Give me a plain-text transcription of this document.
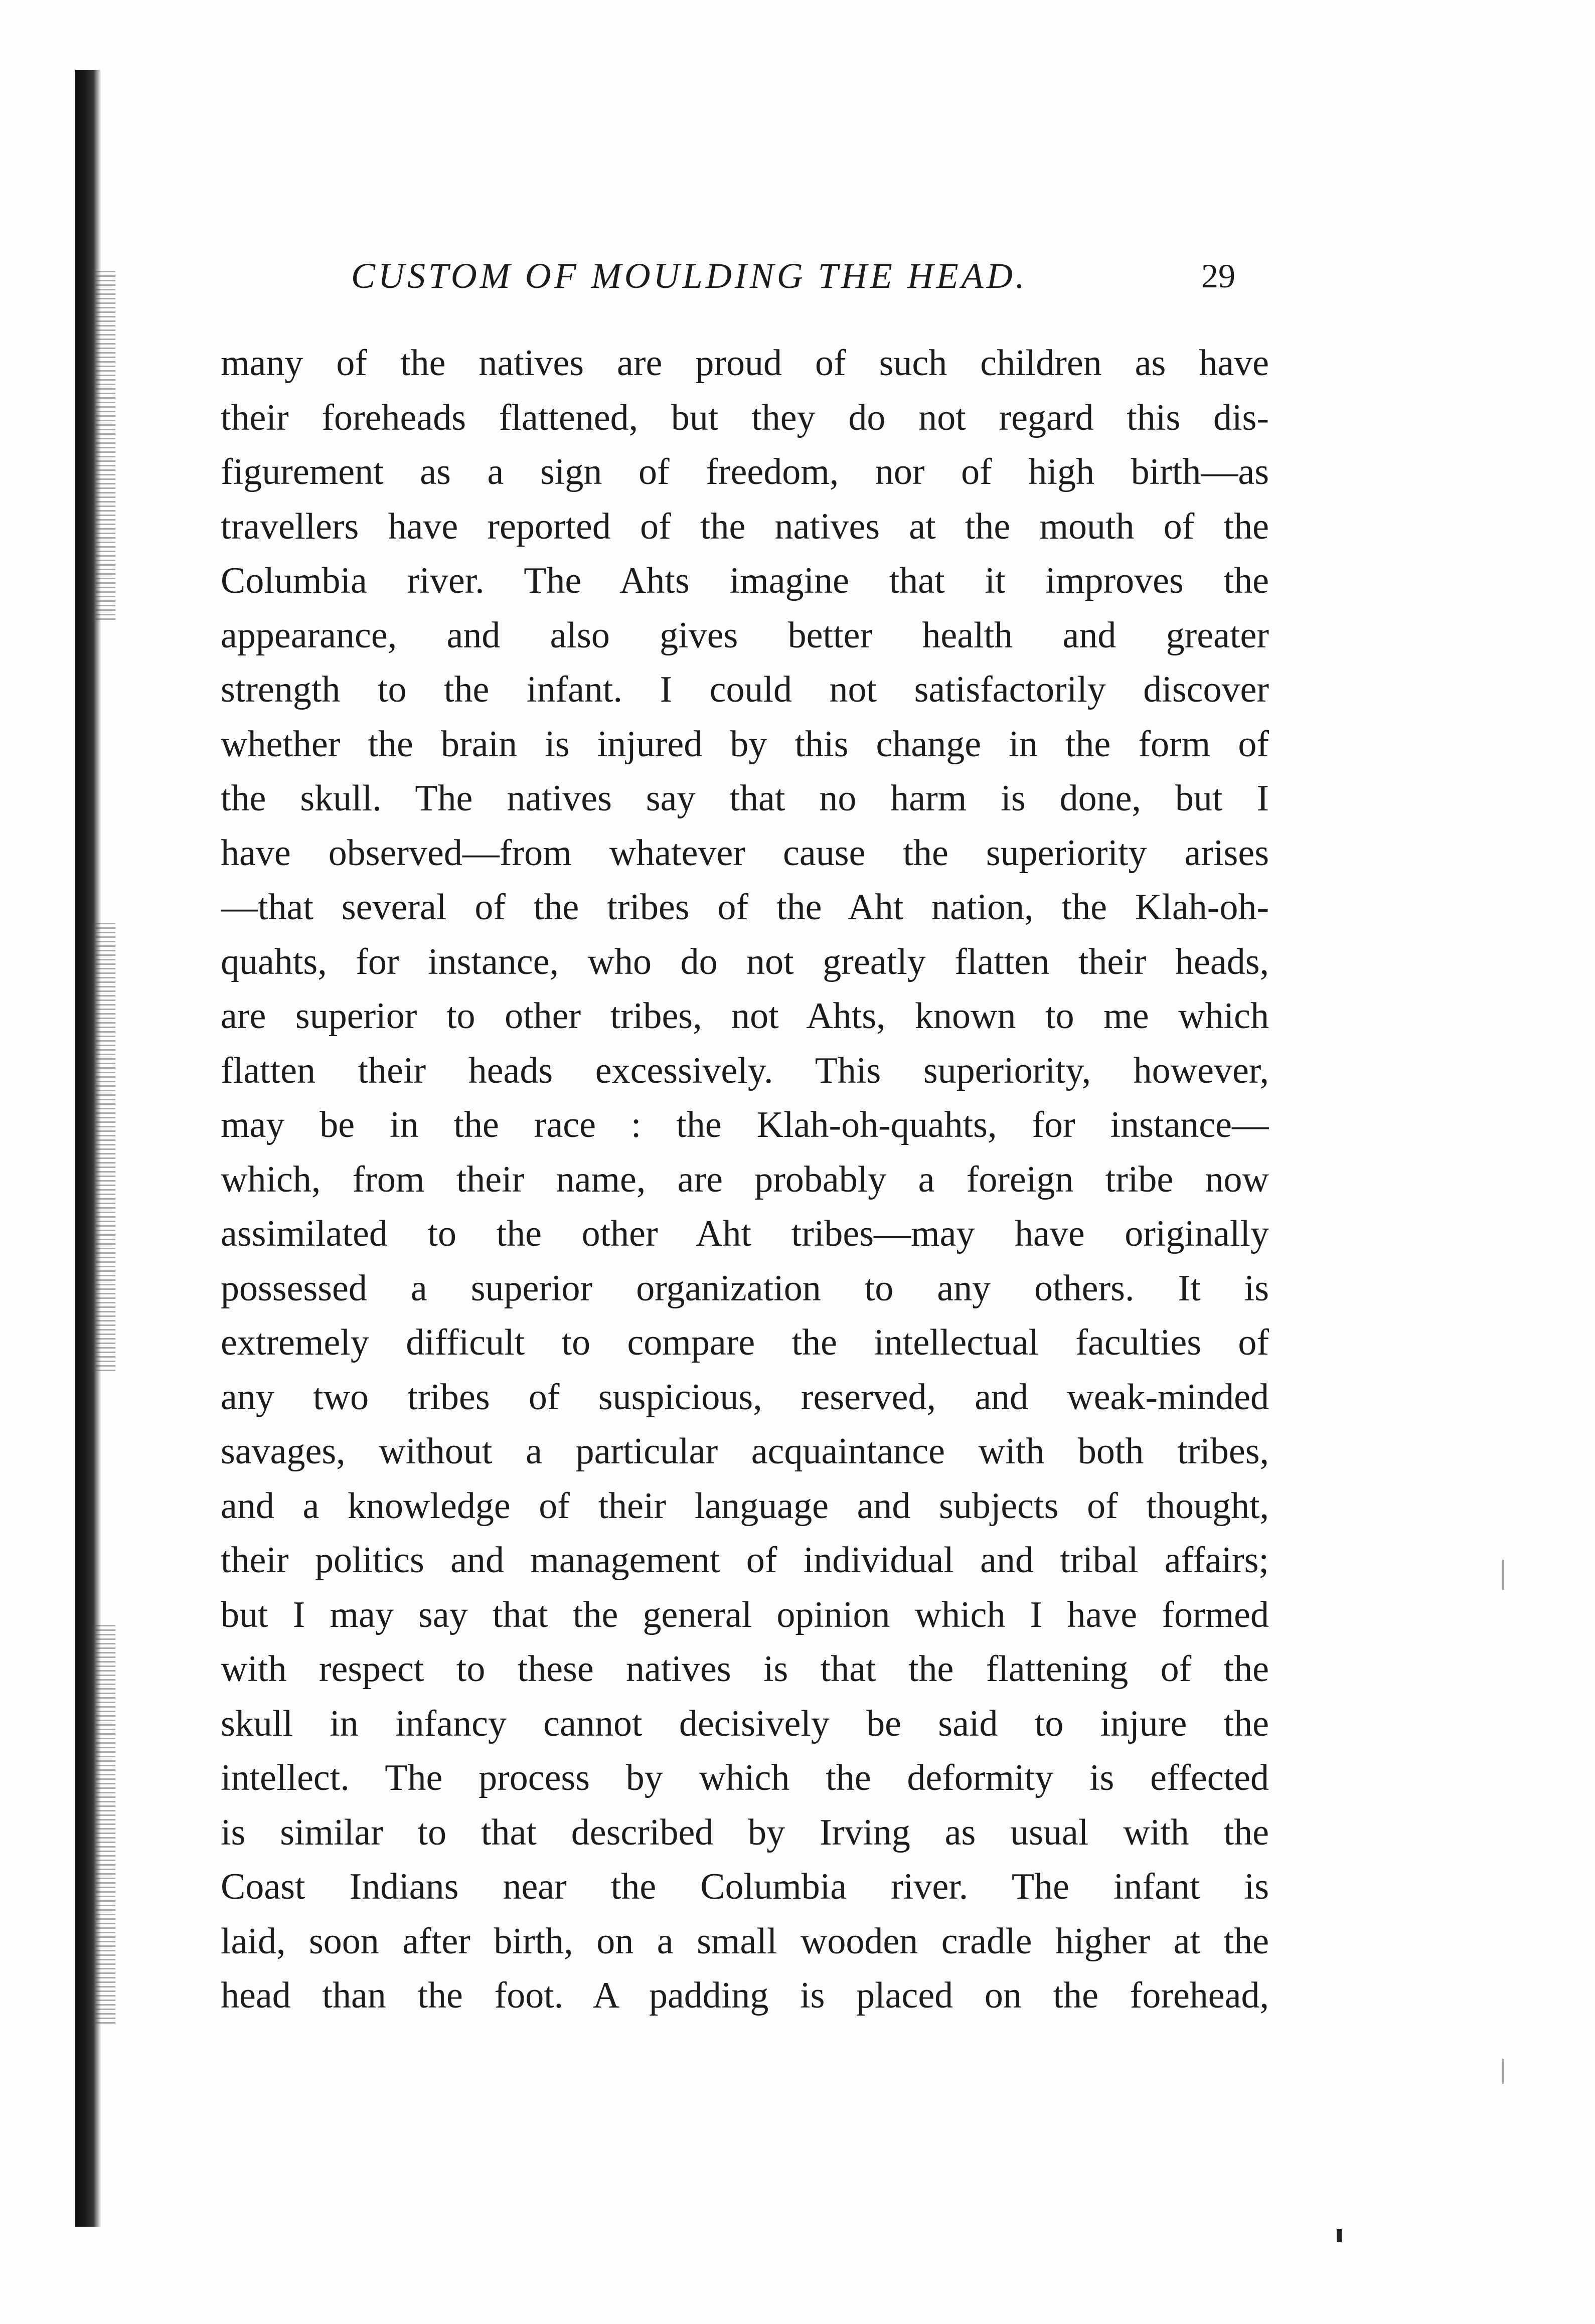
CUSTOM OF MOULDING THE HEAD.	29
many of the natives are proud of such children as have
their foreheads flattened, but they do not regard this dis-
figurement as a sign of freedom, nor of high birth—as
travellers have reported of the natives at the mouth of the
Columbia river. The Ahts imagine that it improves the
appearance, and also gives better health and greater
strength to the infant. I could not satisfactorily discover
whether the brain is injured by this change in the form of
the skull. The natives say that no harm is done, but I
have observed—from whatever cause the superiority arises
—that several of the tribes of the Aht nation, the Klah-oh-
quahts, for instance, who do not greatly flatten their heads,
are superior to other tribes, not Ahts, known to me which
flatten their heads excessively. This superiority, however,
may be in the race : the Klah-oh-quahts, for instance—
which, from their name, are probably a foreign tribe now
assimilated to the other Aht tribes—may have originally
possessed a superior organization to any others. It is
extremely difficult to compare the intellectual faculties of
any two tribes of suspicious, reserved, and weak-minded
savages, without a particular acquaintance with both tribes,
and a knowledge of their language and subjects of thought,
their politics and management of individual and tribal affairs;
but I may say that the general opinion which I have formed
with respect to these natives is that the flattening of the
skull in infancy cannot decisively be said to injure the
intellect. The process by which the deformity is effected
is similar to that described by Irving as usual with the
Coast Indians near the Columbia river. The infant is
laid, soon after birth, on a small wooden cradle higher at the
head than the foot. A padding is placed on the forehead,
